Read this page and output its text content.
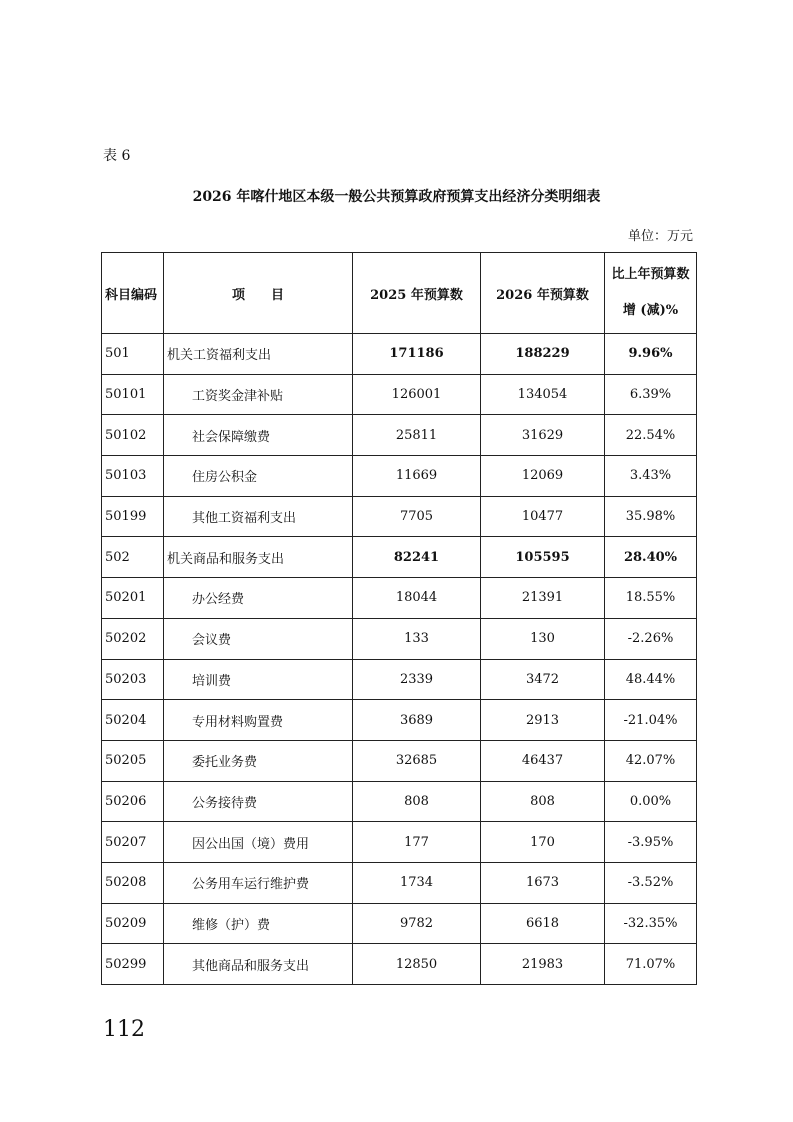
表 6
2026 年喀什地区本级一般公共预算政府预算支出经济分类明细表
单位：万元
科目编码	项　　目	2025 年预算数	2026 年预算数	比上年预算数
增 (减)%

501	机关工资福利支出	171186	188229	9.96%
50101	工资奖金津补贴	126001	134054	6.39%
50102	社会保障缴费	25811	31629	22.54%
50103	住房公积金	11669	12069	3.43%
50199	其他工资福利支出	7705	10477	35.98%
502	机关商品和服务支出	82241	105595	28.40%
50201	办公经费	18044	21391	18.55%
50202	会议费	133	130	-2.26%
50203	培训费	2339	3472	48.44%
50204	专用材料购置费	3689	2913	-21.04%
50205	委托业务费	32685	46437	42.07%
50206	公务接待费	808	808	0.00%
50207	因公出国（境）费用	177	170	-3.95%
50208	公务用车运行维护费	1734	1673	-3.52%
50209	维修（护）费	9782	6618	-32.35%
50299	其他商品和服务支出	12850	21983	71.07%
112
